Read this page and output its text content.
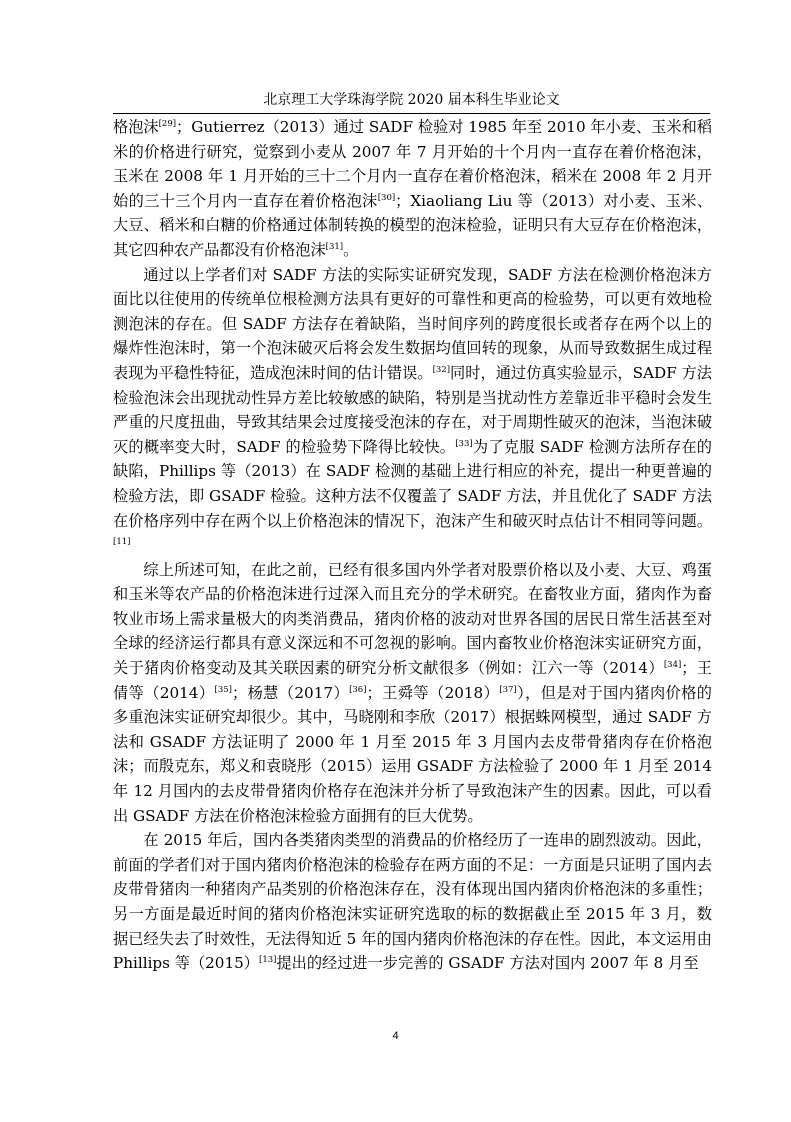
北京理工大学珠海学院 2020 届本科生毕业论文

格泡沫[29]；Gutierrez（2013）通过 SADF 检验对 1985 年至 2010 年小麦、玉米和稻米的价格进行研究，觉察到小麦从 2007 年 7 月开始的十个月内一直存在着价格泡沫，玉米在 2008 年 1 月开始的三十二个月内一直存在着价格泡沫，稻米在 2008 年 2 月开始的三十三个月内一直存在着价格泡沫[30]；Xiaoliang Liu 等（2013）对小麦、玉米、大豆、稻米和白糖的价格通过体制转换的模型的泡沫检验，证明只有大豆存在价格泡沫，其它四种农产品都没有价格泡沫[31]。

通过以上学者们对 SADF 方法的实际实证研究发现，SADF 方法在检测价格泡沫方面比以往使用的传统单位根检测方法具有更好的可靠性和更高的检验势，可以更有效地检测泡沫的存在。但 SADF 方法存在着缺陷，当时间序列的跨度很长或者存在两个以上的爆炸性泡沫时，第一个泡沫破灭后将会发生数据均值回转的现象，从而导致数据生成过程表现为平稳性特征，造成泡沫时间的估计错误。[32]同时，通过仿真实验显示，SADF 方法检验泡沫会出现扰动性异方差比较敏感的缺陷，特别是当扰动性方差靠近非平稳时会发生严重的尺度扭曲，导致其结果会过度接受泡沫的存在，对于周期性破灭的泡沫，当泡沫破灭的概率变大时，SADF 的检验势下降得比较快。[33]为了克服 SADF 检测方法所存在的缺陷，Phillips 等（2013）在 SADF 检测的基础上进行相应的补充，提出一种更普遍的检验方法，即 GSADF 检验。这种方法不仅覆盖了 SADF 方法，并且优化了 SADF 方法在价格序列中存在两个以上价格泡沫的情况下，泡沫产生和破灭时点估计不相同等问题。[11]

综上所述可知，在此之前，已经有很多国内外学者对股票价格以及小麦、大豆、鸡蛋和玉米等农产品的价格泡沫进行过深入而且充分的学术研究。在畜牧业方面，猪肉作为畜牧业市场上需求量极大的肉类消费品，猪肉价格的波动对世界各国的居民日常生活甚至对全球的经济运行都具有意义深远和不可忽视的影响。国内畜牧业价格泡沫实证研究方面，关于猪肉价格变动及其关联因素的研究分析文献很多（例如：江六一等（2014）[34]；王倩等（2014）[35]；杨慧（2017）[36]；王舜等（2018）[37]），但是对于国内猪肉价格的多重泡沫实证研究却很少。其中，马晓刚和李欣（2017）根据蛛网模型，通过 SADF 方法和 GSADF 方法证明了 2000 年 1 月至 2015 年 3 月国内去皮带骨猪肉存在价格泡沫；而殷克东，郑义和袁晓彤（2015）运用 GSADF 方法检验了 2000 年 1 月至 2014 年 12 月国内的去皮带骨猪肉价格存在泡沫并分析了导致泡沫产生的因素。因此，可以看出 GSADF 方法在价格泡沫检验方面拥有的巨大优势。

在 2015 年后，国内各类猪肉类型的消费品的价格经历了一连串的剧烈波动。因此，前面的学者们对于国内猪肉价格泡沫的检验存在两方面的不足：一方面是只证明了国内去皮带骨猪肉一种猪肉产品类别的价格泡沫存在，没有体现出国内猪肉价格泡沫的多重性；另一方面是最近时间的猪肉价格泡沫实证研究选取的标的数据截止至 2015 年 3 月，数据已经失去了时效性，无法得知近 5 年的国内猪肉价格泡沫的存在性。因此，本文运用由 Phillips 等（2015）[13]提出的经过进一步完善的 GSADF 方法对国内 2007 年 8 月至

4
